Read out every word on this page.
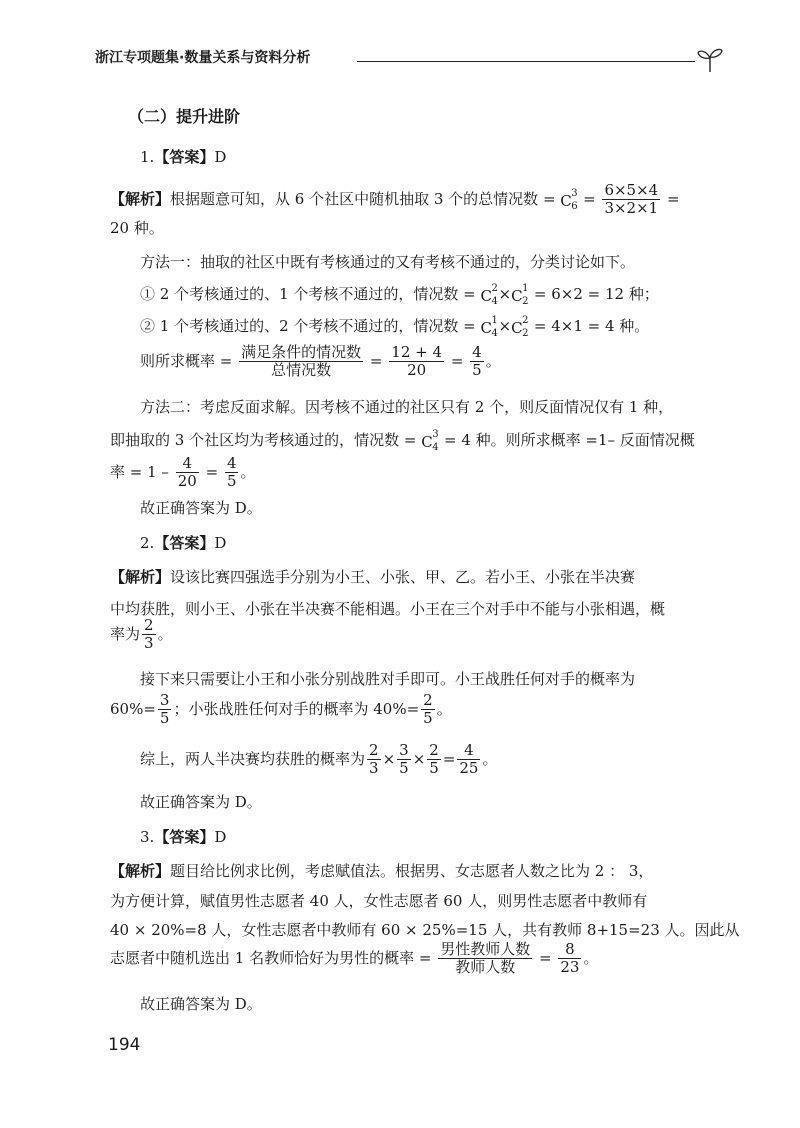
浙江专项题集·数量关系与资料分析
（二）提升进阶
1.【答案】D
【解析】根据题意可知，从 6 个社区中随机抽取 3 个的总情况数 = C 3
$6 = \frac{6\times 5\times 4}{3\times 2\times 1}$ =
20 种。
方法一：抽取的社区中既有考核通过的又有考核不通过的，分类讨论如下。
① 2 个考核通过的、1 个考核不通过的，情况数 = C 2
4 × C 1
2 = 6×2 = 12 种；
② 1 个考核通过的、2 个考核不通过的，情况数 = C 1
4 × C 2
2 = 4×1 = 4 种。
则所求概率 = $\frac{\text{满足条件的情况数}}{\text{总情况数}} = \frac{12 + 4}{20} = \frac{4}{5}$ 。
方法二：考虑反面求解。因考核不通过的社区只有 2 个，则反面情况仅有 1 种，
即抽取的 3 个社区均为考核通过的，情况数 = C 3
4 = 4 种。则所求概率 =1– 反面情况概
率 = $1 - \frac{4}{20} = \frac{4}{5}$ 。
故正确答案为 D。
2.【答案】D
【解析】设该比赛四强选手分别为小王、小张、甲、乙。若小王、小张在半决赛
中均获胜，则小王、小张在半决赛不能相遇。小王在三个对手中不能与小张相遇，概
率为 $\frac{2}{3}$ 。
接下来只需要让小王和小张分别战胜对手即可。小王战胜任何对手的概率为
$60\%= \frac{3}{5}$ ；小张战胜任何对手的概率为 $40\%= \frac{2}{5}$ 。
综上，两人半决赛均获胜的概率为 $\frac{2}{3} \times \frac{3}{5} \times \frac{2}{5} = \frac{4}{25}$ 。
故正确答案为 D。
3.【答案】D
【解析】题目给比例求比例，考虑赋值法。根据男、女志愿者人数之比为 2 ： 3，
为方便计算，赋值男性志愿者 40 人，女性志愿者 60 人，则男性志愿者中教师有
40 × 20%=8 人，女性志愿者中教师有 60 × 25%=15 人，共有教师 8+15=23 人。因此从
志愿者中随机选出 1 名教师恰好为男性的概率 = $\frac{\text{男性教师人数}}{\text{教师人数}} = \frac{8}{23}$ 。
故正确答案为 D。
194
